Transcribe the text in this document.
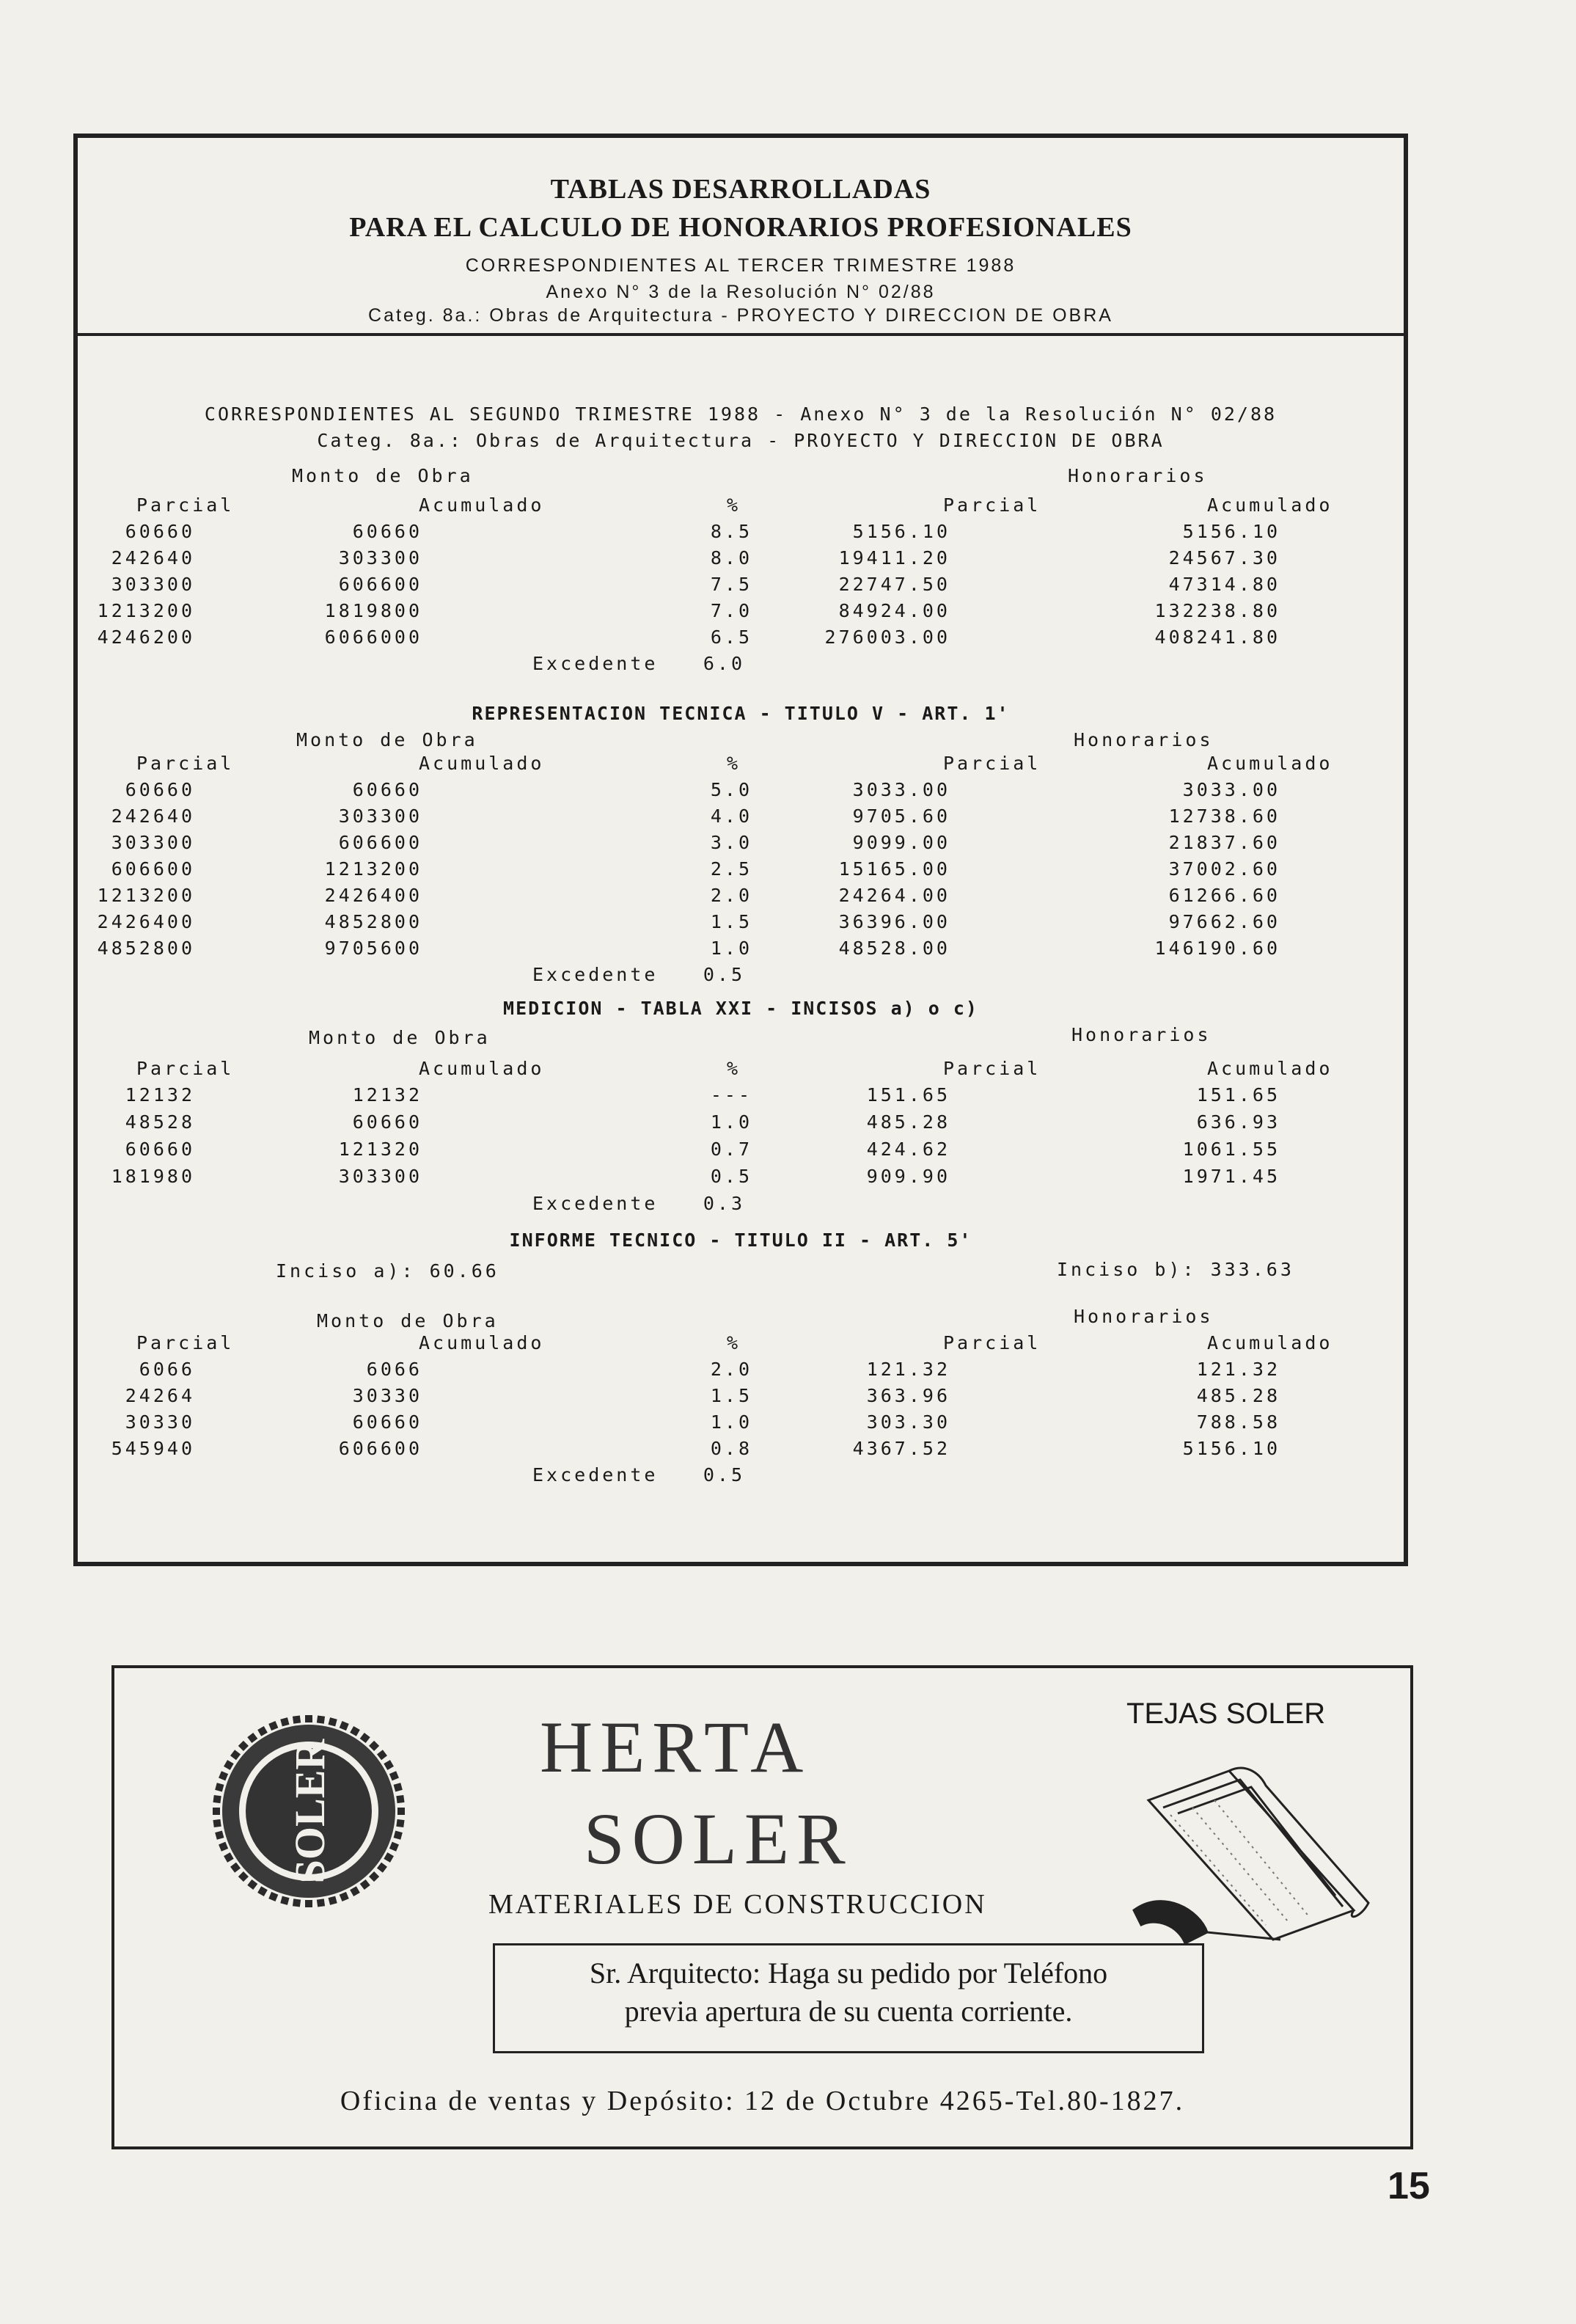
TABLAS DESARROLLADAS
PARA EL CALCULO DE HONORARIOS PROFESIONALES
CORRESPONDIENTES AL TERCER TRIMESTRE 1988
Anexo N° 3 de la Resolución N° 02/88
Categ. 8a.: Obras de Arquitectura - PROYECTO Y DIRECCION DE OBRA
CORRESPONDIENTES AL SEGUNDO TRIMESTRE 1988 - Anexo N° 3 de la Resolución N° 02/88
Categ. 8a.: Obras de Arquitectura - PROYECTO Y DIRECCION DE OBRA
Monto de Obra	Honorarios
Parcial	Acumulado	%	Parcial	Acumulado
60660	60660	8.5	5156.10	5156.10
242640	303300	8.0	19411.20	24567.30
303300	606600	7.5	22747.50	47314.80
1213200	1819800	7.0	84924.00	132238.80
4246200	6066000	6.5	276003.00	408241.80
Excedente	6.0
REPRESENTACION TECNICA - TITULO V - ART. 1'
Monto de Obra	Honorarios
Parcial	Acumulado	%	Parcial	Acumulado
60660	60660	5.0	3033.00	3033.00
242640	303300	4.0	9705.60	12738.60
303300	606600	3.0	9099.00	21837.60
606600	1213200	2.5	15165.00	37002.60
1213200	2426400	2.0	24264.00	61266.60
2426400	4852800	1.5	36396.00	97662.60
4852800	9705600	1.0	48528.00	146190.60
Excedente	0.5
MEDICION - TABLA XXI - INCISOS a) o c)
Monto de Obra	Honorarios
Parcial	Acumulado	%	Parcial	Acumulado
12132	12132	---	151.65	151.65
48528	60660	1.0	485.28	636.93
60660	121320	0.7	424.62	1061.55
181980	303300	0.5	909.90	1971.45
Excedente	0.3
INFORME TECNICO - TITULO II - ART. 5'
Inciso a): 60.66	Inciso b): 333.63
Monto de Obra	Honorarios
Parcial	Acumulado	%	Parcial	Acumulado
6066	6066	2.0	121.32	121.32
24264	30330	1.5	363.96	485.28
30330	60660	1.0	303.30	788.58
545940	606600	0.8	4367.52	5156.10
Excedente	0.5
SOLER	HERTA
SOLER
MATERIALES DE CONSTRUCCION
TEJAS SOLER
Sr. Arquitecto: Haga su pedido por Teléfono
previa apertura de su cuenta corriente.
Oficina de ventas y Depósito: 12 de Octubre 4265-Tel.80-1827.
15
